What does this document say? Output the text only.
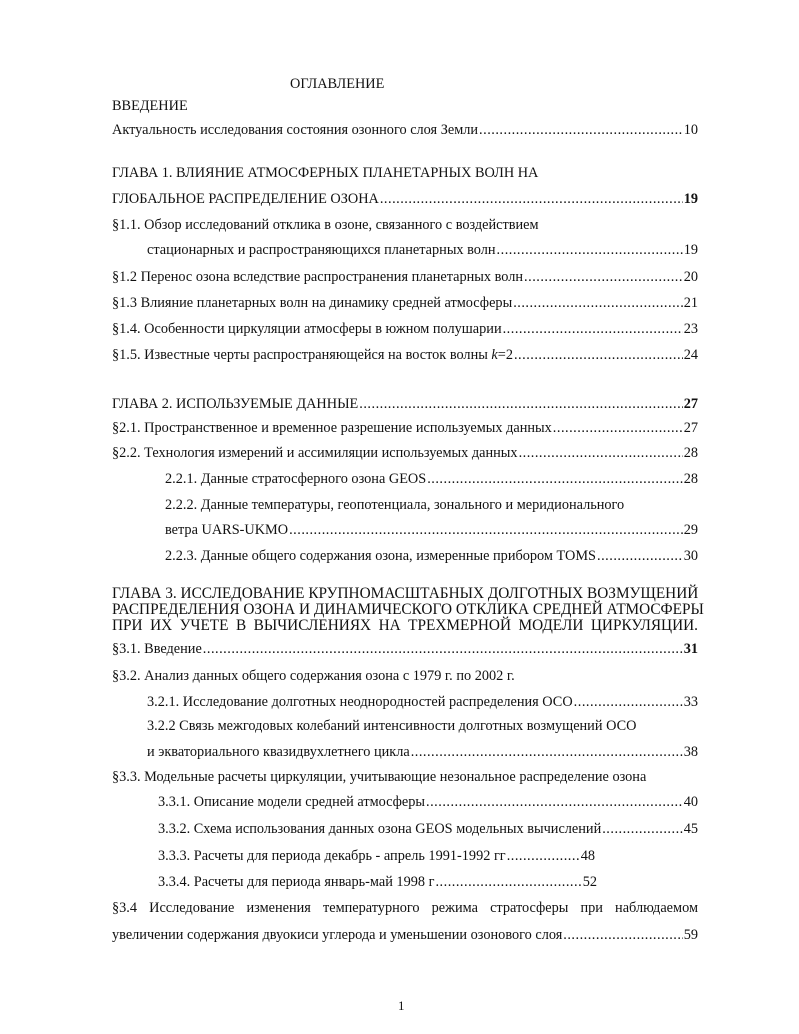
ОГЛАВЛЕНИЕ
ВВЕДЕНИЕ
Актуальность исследования состояния озонного слоя Земли .....	10
ГЛАВА 1. ВЛИЯНИЕ АТМОСФЕРНЫХ ПЛАНЕТАРНЫХ ВОЛН НА
ГЛОБАЛЬНОЕ РАСПРЕДЕЛЕНИЕ ОЗОНА .....	19
§1.1. Обзор исследований отклика в озоне, связанного с воздействием
стационарных и распространяющихся планетарных волн .....	19
§1.2 Перенос озона вследствие распространения планетарных волн .....	20
§1.3 Влияние планетарных волн на динамику средней атмосферы .....	21
§1.4. Особенности циркуляции атмосферы в южном полушарии .....	23
§1.5. Известные черты распространяющейся на восток волны k=2 .....	24
ГЛАВА 2. ИСПОЛЬЗУЕМЫЕ ДАННЫЕ .....	27
§2.1. Пространственное и временное разрешение используемых данных .....	27
§2.2. Технология измерений и ассимиляции используемых данных .....	28
2.2.1. Данные стратосферного озона GEOS .....	28
2.2.2. Данные температуры, геопотенциала, зонального и меридионального
ветра UARS-UKMO .....	29
2.2.3. Данные общего содержания озона, измеренные прибором TOMS .....	30
ГЛАВА 3. ИССЛЕДОВАНИЕ КРУПНОМАСШТАБНЫХ ДОЛГОТНЫХ ВОЗМУЩЕНИЙ
РАСПРЕДЕЛЕНИЯ ОЗОНА И ДИНАМИЧЕСКОГО ОТКЛИКА СРЕДНЕЙ АТМОСФЕРЫ
ПРИ ИХ УЧЕТЕ В ВЫЧИСЛЕНИЯХ НА ТРЕХМЕРНОЙ МОДЕЛИ ЦИРКУЛЯЦИИ.
§3.1. Введение .....	31
§3.2. Анализ данных общего содержания озона с 1979 г. по 2002 г.
3.2.1. Исследование долготных неоднородностей распределения ОСО .....	33
3.2.2 Связь межгодовых колебаний интенсивности долготных возмущений ОСО
и экваториального квазидвухлетнего цикла .....	38
§3.3. Модельные расчеты циркуляции, учитывающие незональное распределение озона
3.3.1. Описание модели средней атмосферы .....	40
3.3.2. Схема использования данных озона GEOS модельных вычислений .....	45
3.3.3. Расчеты для периода декабрь - апрель 1991-1992 гг .....	48
3.3.4. Расчеты для периода январь-май 1998 г .....	52
§3.4 Исследование изменения температурного режима стратосферы при наблюдаемом
увеличении содержания двуокиси углерода и уменьшении озонового слоя .....	59
1
